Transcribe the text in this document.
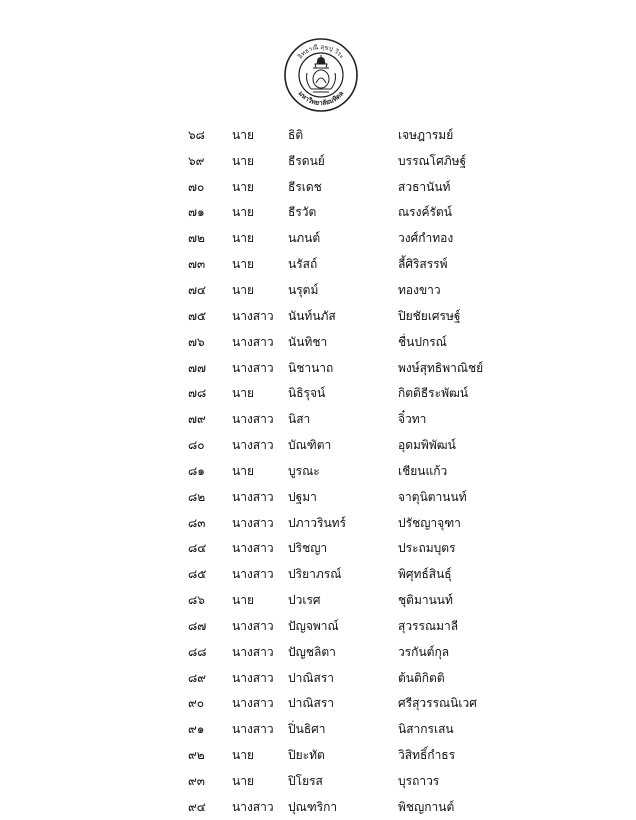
อิทธาณี สุขปุ วีระ
มหาวิทยาลัยมหิดล
๖๘	นาย	ธิติ	เจษฎารมย์
๖๙	นาย	ธีรดนย์	บรรณโศภิษฐ์
๗๐	นาย	ธีรเดช	สวธานันท์
๗๑	นาย	ธีรวัต	ณรงค์รัตน์
๗๒	นาย	นภนต์	วงศ์กำทอง
๗๓	นาย	นรัสถ์	ลี้ศิริสรรพ์
๗๔	นาย	นรุตม์	ทองขาว
๗๕	นางสาว	นันท์นภัส	ปิยชัยเศรษฐ์
๗๖	นางสาว	นันทิชา	ชื่นปกรณ์
๗๗	นางสาว	นิชานาถ	พงษ์สุทธิพาณิชย์
๗๘	นาย	นิธิรุจน์	กิตติธีระพัฒน์
๗๙	นางสาว	นิสา	จิ๋วทา
๘๐	นางสาว	บัณฑิตา	อุดมพิพัฒน์
๘๑	นาย	บูรณะ	เชียนแก้ว
๘๒	นางสาว	ปฐมา	จาตุนิตานนท์
๘๓	นางสาว	ปภาวรินทร์	ปรัชญาจุฑา
๘๔	นางสาว	ปริชญา	ประถมบุตร
๘๕	นางสาว	ปริยาภรณ์	พิศุทธ์สินธุ์
๘๖	นาย	ปวเรศ	ชุติมานนท์
๘๗	นางสาว	ปัญจพาณ์	สุวรรณมาลี
๘๘	นางสาว	ปัญชลิตา	วรกันต์กุล
๘๙	นางสาว	ปาณิสรา	ต้นติกิตติ
๙๐	นางสาว	ปาณิสรา	ศรีสุวรรณนิเวศ
๙๑	นางสาว	ปิ่นธิศา	นิสากรเสน
๙๒	นาย	ปิยะทัต	วิสิทธิ์กำธร
๙๓	นาย	ปิโยรส	บุรถาวร
๙๔	นางสาว	ปุณฑริกา	พิชญกานต์
